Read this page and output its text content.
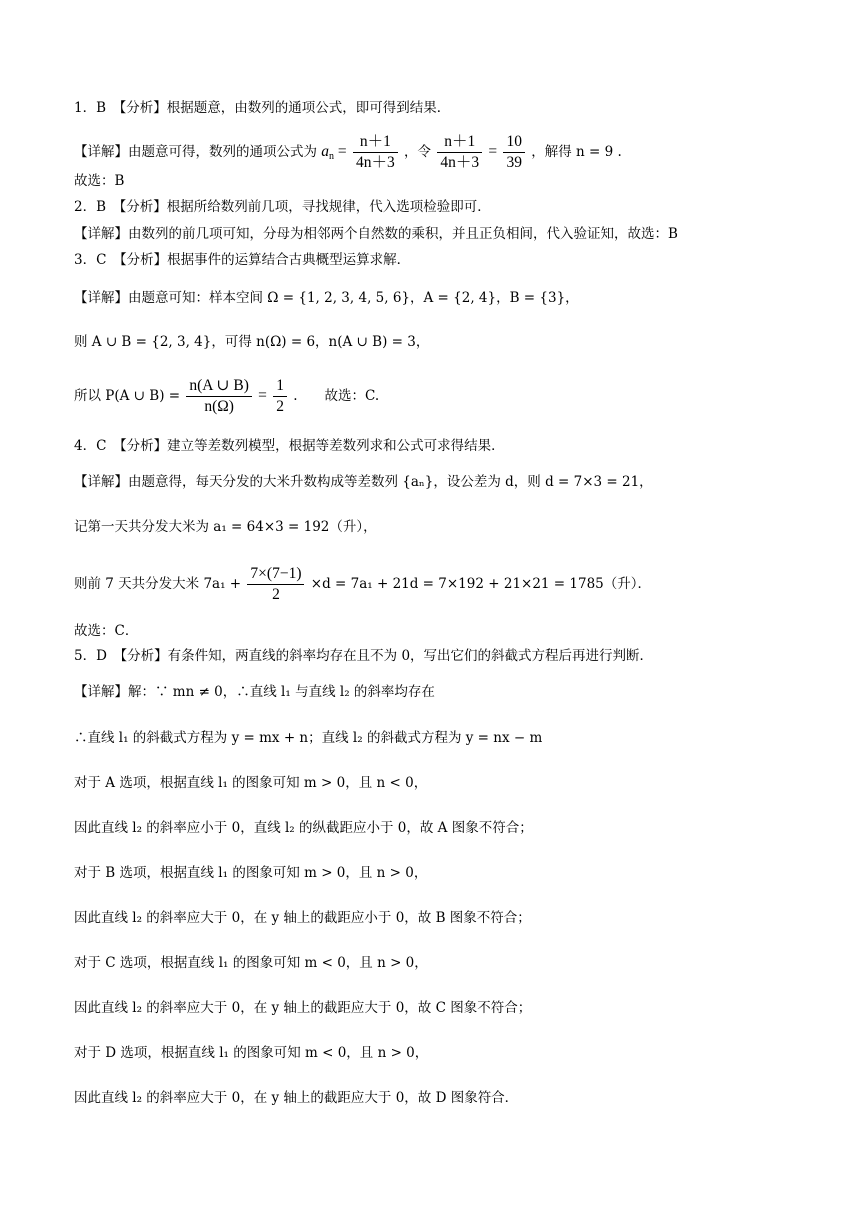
1．B　【分析】根据题意，由数列的通项公式，即可得到结果．
【详解】由题意可得，数列的通项公式为 $a_n = \frac{n+1}{4n+3}$ ，令 $\frac{n+1}{4n+3} = \frac{10}{39}$ ，解得 n = 9 .
故选：B
2．B　【分析】根据所给数列前几项，寻找规律，代入选项检验即可．
【详解】由数列的前几项可知，分母为相邻两个自然数的乘积，并且正负相间，代入验证知，故选：B
3．C　【分析】根据事件的运算结合古典概型运算求解．
【详解】由题意可知：样本空间 Ω = {1, 2, 3, 4, 5, 6}，A = {2, 4}，B = {3}，
则 A ∪ B = {2, 3, 4}，可得 n(Ω) = 6，n(A ∪ B) = 3，
所以 P(A ∪ $B) = \frac{n(A \cup B)}{n(\Omega)} = \frac{1}{2}$ .　　故选：C.
4．C　【分析】建立等差数列模型，根据等差数列求和公式可求得结果．
【详解】由题意得，每天分发的大米升数构成等差数列 {aₙ}，设公差为 d，则 d = 7×3 = 21，
记第一天共分发大米为 a₁ = 64×3 = 192（升），
则前 7 天共分发大米 $7a_1 + \frac{7\times(7-1)}{2} \times d = 7a_1 + 21d = 7\times 192 + 21\times 21 = 1785$（升）．
故选：C．
5．D　【分析】有条件知，两直线的斜率均存在且不为 0，写出它们的斜截式方程后再进行判断．
【详解】解：∵ mn ≠ 0，∴直线 l₁ 与直线 l₂ 的斜率均存在
∴直线 l₁ 的斜截式方程为 y = mx + n；直线 l₂ 的斜截式方程为 y = nx − m
对于 A 选项，根据直线 l₁ 的图象可知 m > 0，且 n < 0，
因此直线 l₂ 的斜率应小于 0，直线 l₂ 的纵截距应小于 0，故 A 图象不符合；
对于 B 选项，根据直线 l₁ 的图象可知 m > 0，且 n > 0，
因此直线 l₂ 的斜率应大于 0，在 y 轴上的截距应小于 0，故 B 图象不符合；
对于 C 选项，根据直线 l₁ 的图象可知 m < 0，且 n > 0，
因此直线 l₂ 的斜率应大于 0，在 y 轴上的截距应大于 0，故 C 图象不符合；
对于 D 选项，根据直线 l₁ 的图象可知 m < 0，且 n > 0，
因此直线 l₂ 的斜率应大于 0，在 y 轴上的截距应大于 0，故 D 图象符合．
